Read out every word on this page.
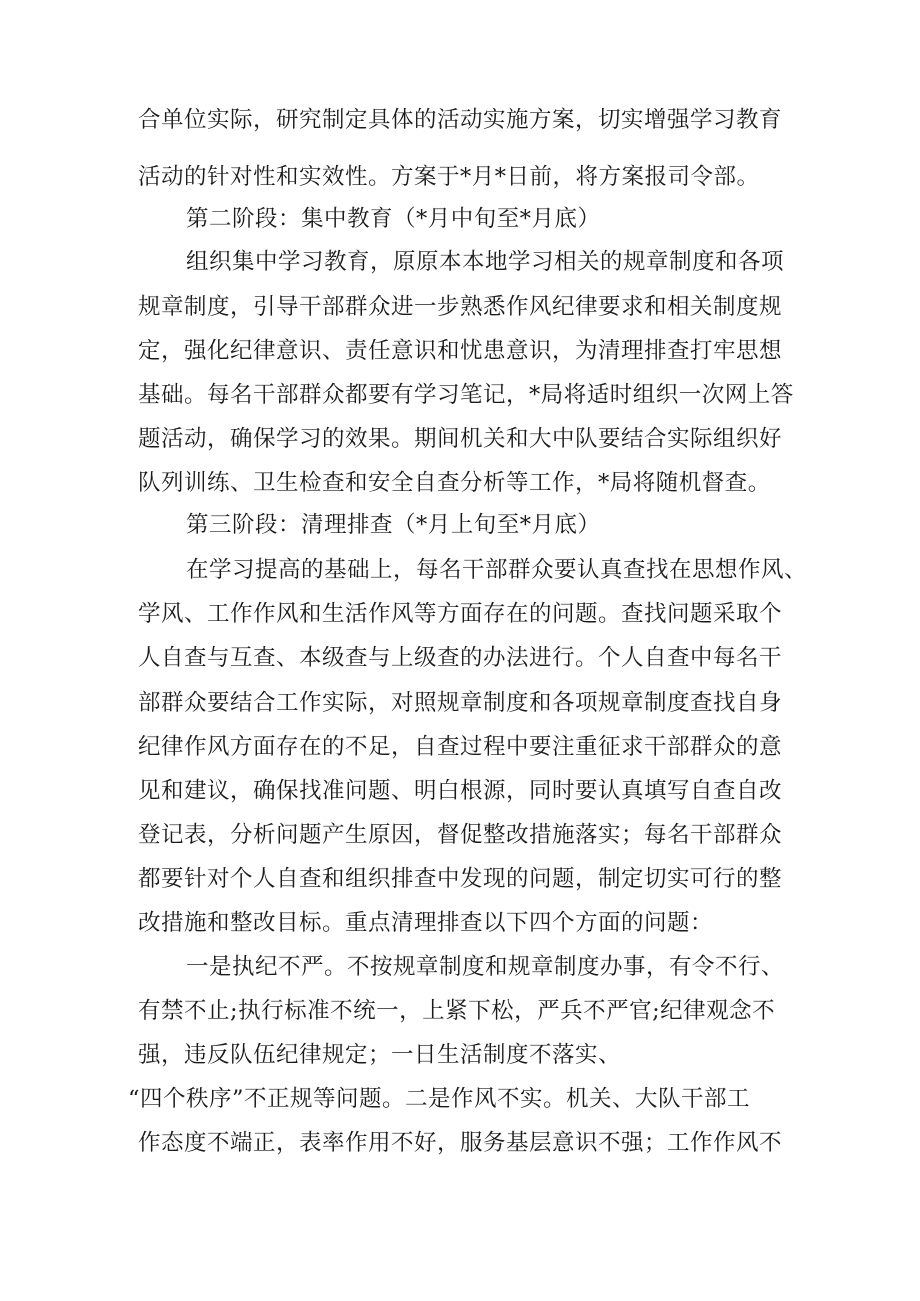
合单位实际，研究制定具体的活动实施方案，切实增强学习教育
活动的针对性和实效性。方案于*月*日前，将方案报司令部。
第二阶段：集中教育（*月中旬至*月底）
组织集中学习教育，原原本本地学习相关的规章制度和各项
规章制度，引导干部群众进一步熟悉作风纪律要求和相关制度规
定，强化纪律意识、责任意识和忧患意识，为清理排查打牢思想
基础。每名干部群众都要有学习笔记，*局将适时组织一次网上答
题活动，确保学习的效果。期间机关和大中队要结合实际组织好
队列训练、卫生检查和安全自查分析等工作，*局将随机督查。
第三阶段：清理排查（*月上旬至*月底）
在学习提高的基础上，每名干部群众要认真查找在思想作风、
学风、工作作风和生活作风等方面存在的问题。查找问题采取个
人自查与互查、本级查与上级查的办法进行。个人自查中每名干
部群众要结合工作实际，对照规章制度和各项规章制度查找自身
纪律作风方面存在的不足，自查过程中要注重征求干部群众的意
见和建议，确保找准问题、明白根源，同时要认真填写自查自改
登记表，分析问题产生原因，督促整改措施落实；每名干部群众
都要针对个人自查和组织排查中发现的问题，制定切实可行的整
改措施和整改目标。重点清理排查以下四个方面的问题：
一是执纪不严。不按规章制度和规章制度办事，有令不行、
有禁不止;执行标准不统一，上紧下松，严兵不严官;纪律观念不
强，违反队伍纪律规定；一日生活制度不落实、
“四个秩序”不正规等问题。二是作风不实。机关、大队干部工
作态度不端正，表率作用不好，服务基层意识不强；工作作风不
